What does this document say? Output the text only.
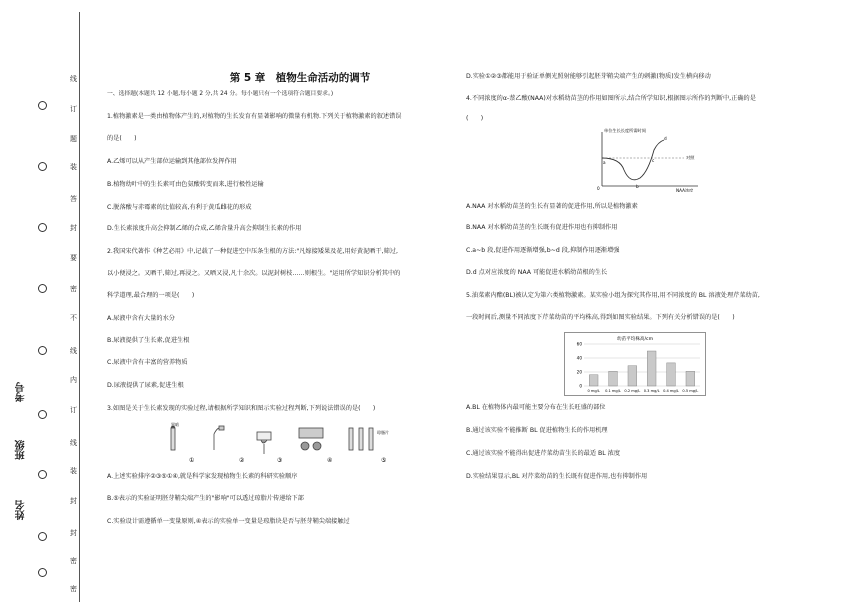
线
订
题
装
答
封
要
密
不
线
内
订
线
装
封
封
密
密
考号
班级
姓名
第 5 章　植物生命活动的调节

一、选择题(本题共 12 小题,每小题 2 分,共 24 分。每小题只有一个选项符合题目要求。)

1.植物激素是一类由植物体产生的,对植物的生长发育有显著影响的微量有机物.下列关于植物激素的叙述错误

的是(　　)

A.乙烯可以从产生部位运输到其他部位发挥作用

B.植物幼叶中的生长素可由色氨酸转变而来,进行极性运输

C.脱落酸与赤霉素的比值较高,有利于黄瓜雌花的形成

D.生长素浓度升高会抑制乙烯的合成,乙烯含量升高会抑制生长素的作用

2.我国宋代著作《种艺必用》中,记载了一种促进空中压条生根的方法:"凡嫁接矮果及花,用好黄泥晒干,筛过,

以小便浸之。又晒干,筛过,再浸之。又晒又浸,凡十余次。以泥封树枝……则根生。"运用所学知识分析其中的

科学道理,最合理的一项是(　　)

A.尿液中含有大量的水分

B.尿液提供了生长素,促进生根

C.尿液中含有丰富的营养物质

D.尿液提供了尿素,促进生根

3.如图是关于生长素发现的实验过程,请根据所学知识和图示实验过程判断,下列说法错误的是(　　)

黑暗
琼脂片
①	②	③	④	⑤

A.上述实验排序②③⑤①④,就是科学家发现植物生长素的科研实验顺序

B.⑤表示的实验证明胚芽鞘尖端产生的"影响"可以透过琼脂片传递给下部

C.实验设计需遵循单一变量原则,④表示的实验单一变量是琼脂块是否与胚芽鞘尖端接触过

D.实验①②③都能用于验证单侧光照射能够引起胚芽鞘尖端产生的刺激(物质)发生横向移动

4.不同浓度的α-萘乙酸(NAA)对水稻幼苗茎的作用如图所示,结合所学知识,根据图示所作的判断中,正确的是

(　　)

单位生长长度所需时间
NAA浓度
对照
0
a
b
c
d

A.NAA 对水稻幼苗茎的生长有显著的促进作用,所以是植物激素

B.NAA 对水稻幼苗茎的生长既有促进作用也有抑制作用

C.a~b 段,促进作用逐渐增强,b~d 段,抑制作用逐渐增强

D.d 点对应浓度的 NAA 可能促进水稻幼苗根的生长

5.油菜素内酯(BL)被认定为第六类植物激素。某实验小组为探究其作用,用不同浓度的 BL 溶液处理芹菜幼苗,

一段时间后,测量不同浓度下芹菜幼苗的平均株高,得到如图实验结果。下列有关分析错误的是(　　)

幼苗平均株高/cm
0
20
40
60
0 mg/L 0.1 mg/L 0.2 mg/L 0.3 mg/L 0.4 mg/L 0.5 mg/L

A.BL 在植物体内最可能主要分布在生长旺盛的部位

B.通过该实验不能推断 BL 促进植物生长的作用机理

C.通过该实验不能得出促进芹菜幼苗生长的最适 BL 浓度

D.实验结果显示,BL 对芹菜幼苗的生长既有促进作用,也有抑制作用
